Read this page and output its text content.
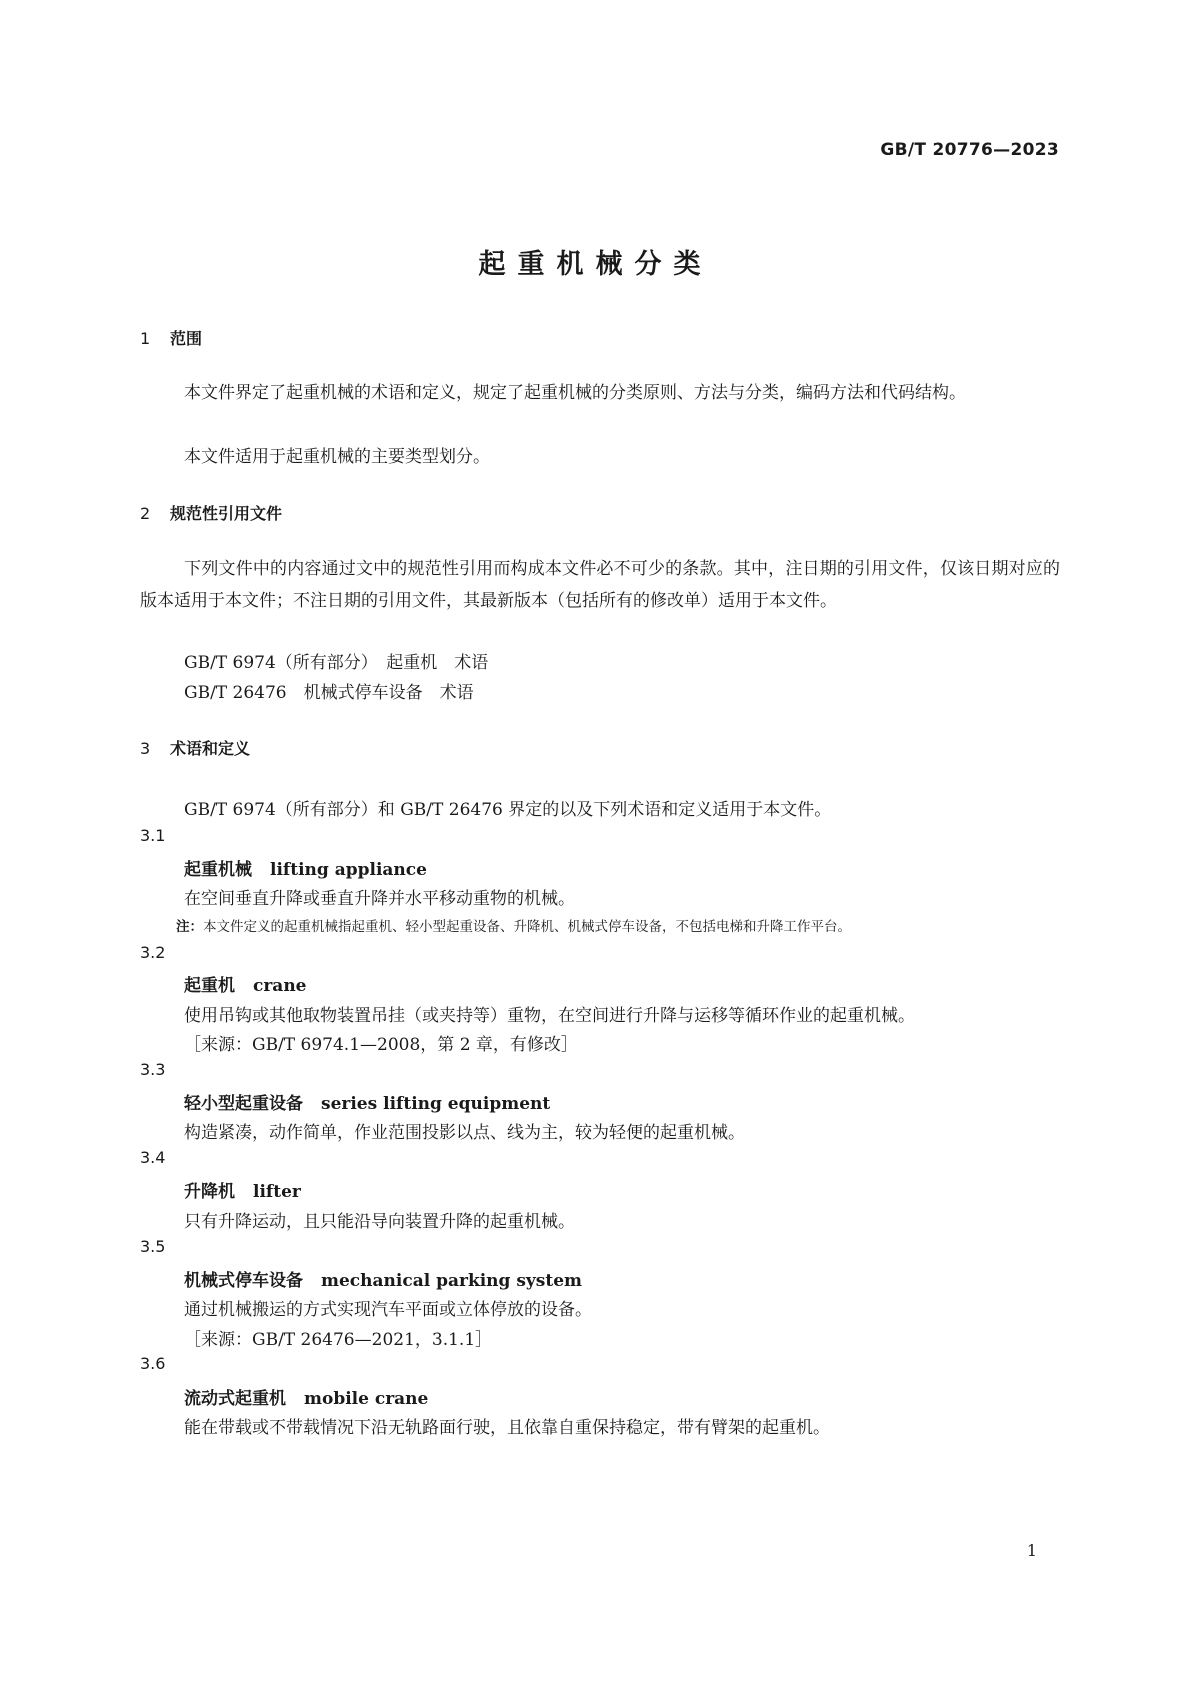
GB/T 20776—2023
起重机械分类
1 范围
本文件界定了起重机械的术语和定义，规定了起重机械的分类原则、方法与分类，编码方法和代码结构。
本文件适用于起重机械的主要类型划分。
2 规范性引用文件
下列文件中的内容通过文中的规范性引用而构成本文件必不可少的条款。其中，注日期的引用文件，仅该日期对应的版本适用于本文件；不注日期的引用文件，其最新版本（包括所有的修改单）适用于本文件。
GB/T 6974（所有部分）　起重机　术语
GB/T 26476　机械式停车设备　术语
3 术语和定义
GB/T 6974（所有部分）和 GB/T 26476 界定的以及下列术语和定义适用于本文件。
3.1
起重机械 lifting appliance
在空间垂直升降或垂直升降并水平移动重物的机械。
注：本文件定义的起重机械指起重机、轻小型起重设备、升降机、机械式停车设备，不包括电梯和升降工作平台。
3.2
起重机 crane
使用吊钩或其他取物装置吊挂（或夹持等）重物，在空间进行升降与运移等循环作业的起重机械。
［来源：GB/T 6974.1—2008，第 2 章，有修改］
3.3
轻小型起重设备 series lifting equipment
构造紧凑，动作简单，作业范围投影以点、线为主，较为轻便的起重机械。
3.4
升降机 lifter
只有升降运动，且只能沿导向装置升降的起重机械。
3.5
机械式停车设备 mechanical parking system
通过机械搬运的方式实现汽车平面或立体停放的设备。
［来源：GB/T 26476—2021，3.1.1］
3.6
流动式起重机 mobile crane
能在带载或不带载情况下沿无轨路面行驶，且依靠自重保持稳定，带有臂架的起重机。
1
